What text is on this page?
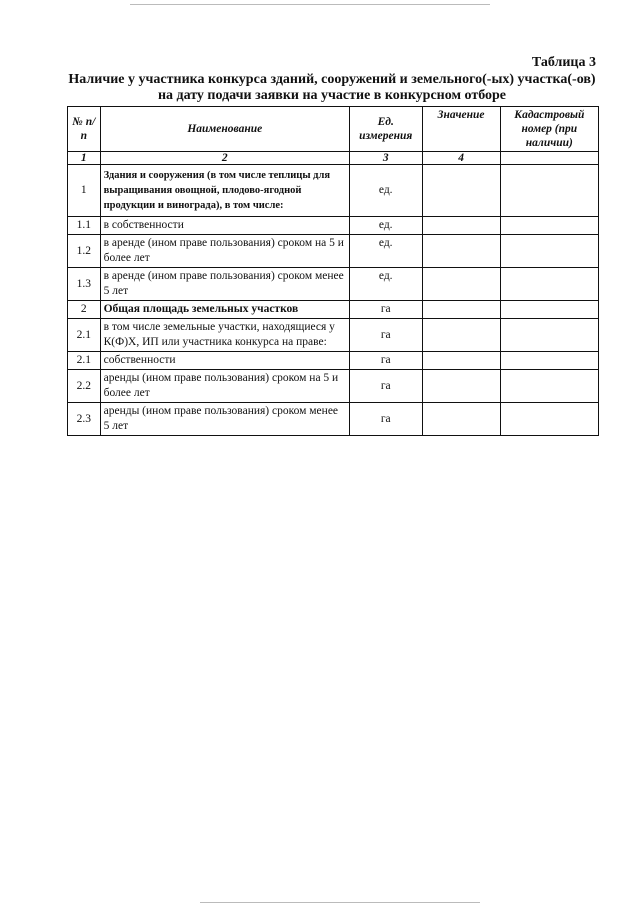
Таблица 3
Наличие у участника конкурса зданий, сооружений и земельного(-ых) участка(-ов) на дату подачи заявки на участие в конкурсном отборе
№ п/п	Наименование	Ед. измерения	Значение	Кадастровый номер (при наличии)
1	2	3	4	
1	Здания и сооружения (в том числе теплицы для выращивания овощной, плодово-ягодной продукции и винограда), в том числе:	ед.		
1.1	в собственности	ед.		
1.2	в аренде (ином праве пользования) сроком на 5 и более лет	ед.		
1.3	в аренде (ином праве пользования) сроком менее 5 лет	ед.		
2	Общая площадь земельных участков	га		
2.1	в том числе земельные участки, находящиеся у К(Ф)Х, ИП или участника конкурса на праве:	га		
2.1	собственности	га		
2.2	аренды (ином праве пользования) сроком на 5 и более лет	га		
2.3	аренды (ином праве пользования) сроком менее 5 лет	га		
